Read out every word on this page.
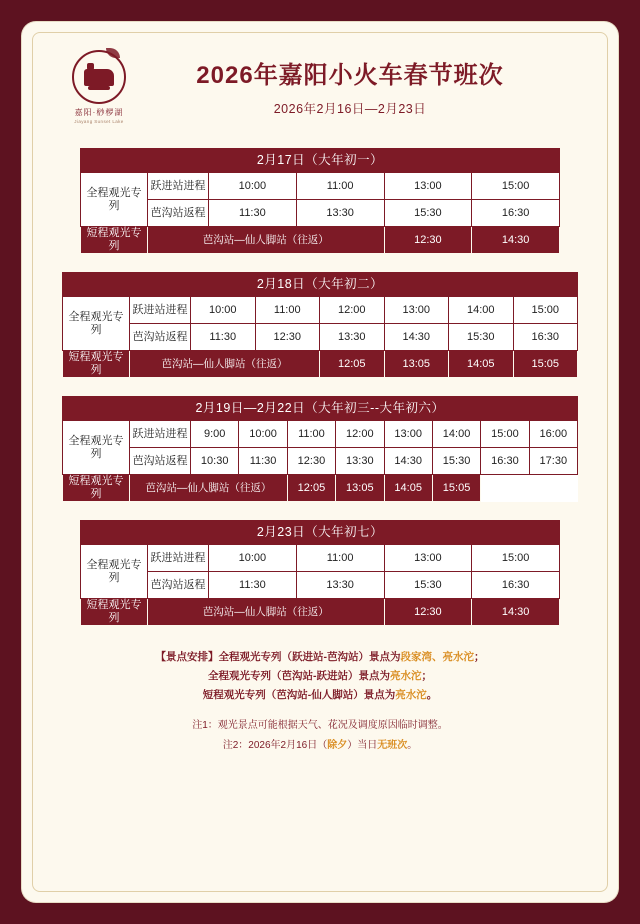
嘉阳·桫椤湖
Jiayang Sunset Lake
2026年嘉阳小火车春节班次
2026年2月16日—2月23日
2月17日（大年初一）
全程观光专列	跃进站进程	10:00	11:00	13:00	15:00
	芭沟站返程	11:30	13:30	15:30	16:30
短程观光专列	芭沟站—仙人脚站（往返）			12:30	14:30
2月18日（大年初二）
全程观光专列	跃进站进程	10:00	11:00	12:00	13:00	14:00	15:00
	芭沟站返程	11:30	12:30	13:30	14:30	15:30	16:30
短程观光专列	芭沟站—仙人脚站（往返）			12:05	13:05	14:05	15:05
2月19日—2月22日（大年初三--大年初六）
全程观光专列	跃进站进程	9:00	10:00	11:00	12:00	13:00	14:00	15:00	16:00
	芭沟站返程	10:30	11:30	12:30	13:30	14:30	15:30	16:30	17:30
短程观光专列	芭沟站—仙人脚站（往返）			12:05	13:05	14:05	15:05		
2月23日（大年初七）
全程观光专列	跃进站进程	10:00	11:00	13:00	15:00
	芭沟站返程	11:30	13:30	15:30	16:30
短程观光专列	芭沟站—仙人脚站（往返）			12:30	14:30
【景点安排】全程观光专列（跃进站-芭沟站）景点为段家湾、亮水沱；
全程观光专列（芭沟站-跃进站）景点为亮水沱；
短程观光专列（芭沟站-仙人脚站）景点为亮水沱。
注1：观光景点可能根据天气、花况及调度原因临时调整。
注2：2026年2月16日（除夕）当日无班次。
